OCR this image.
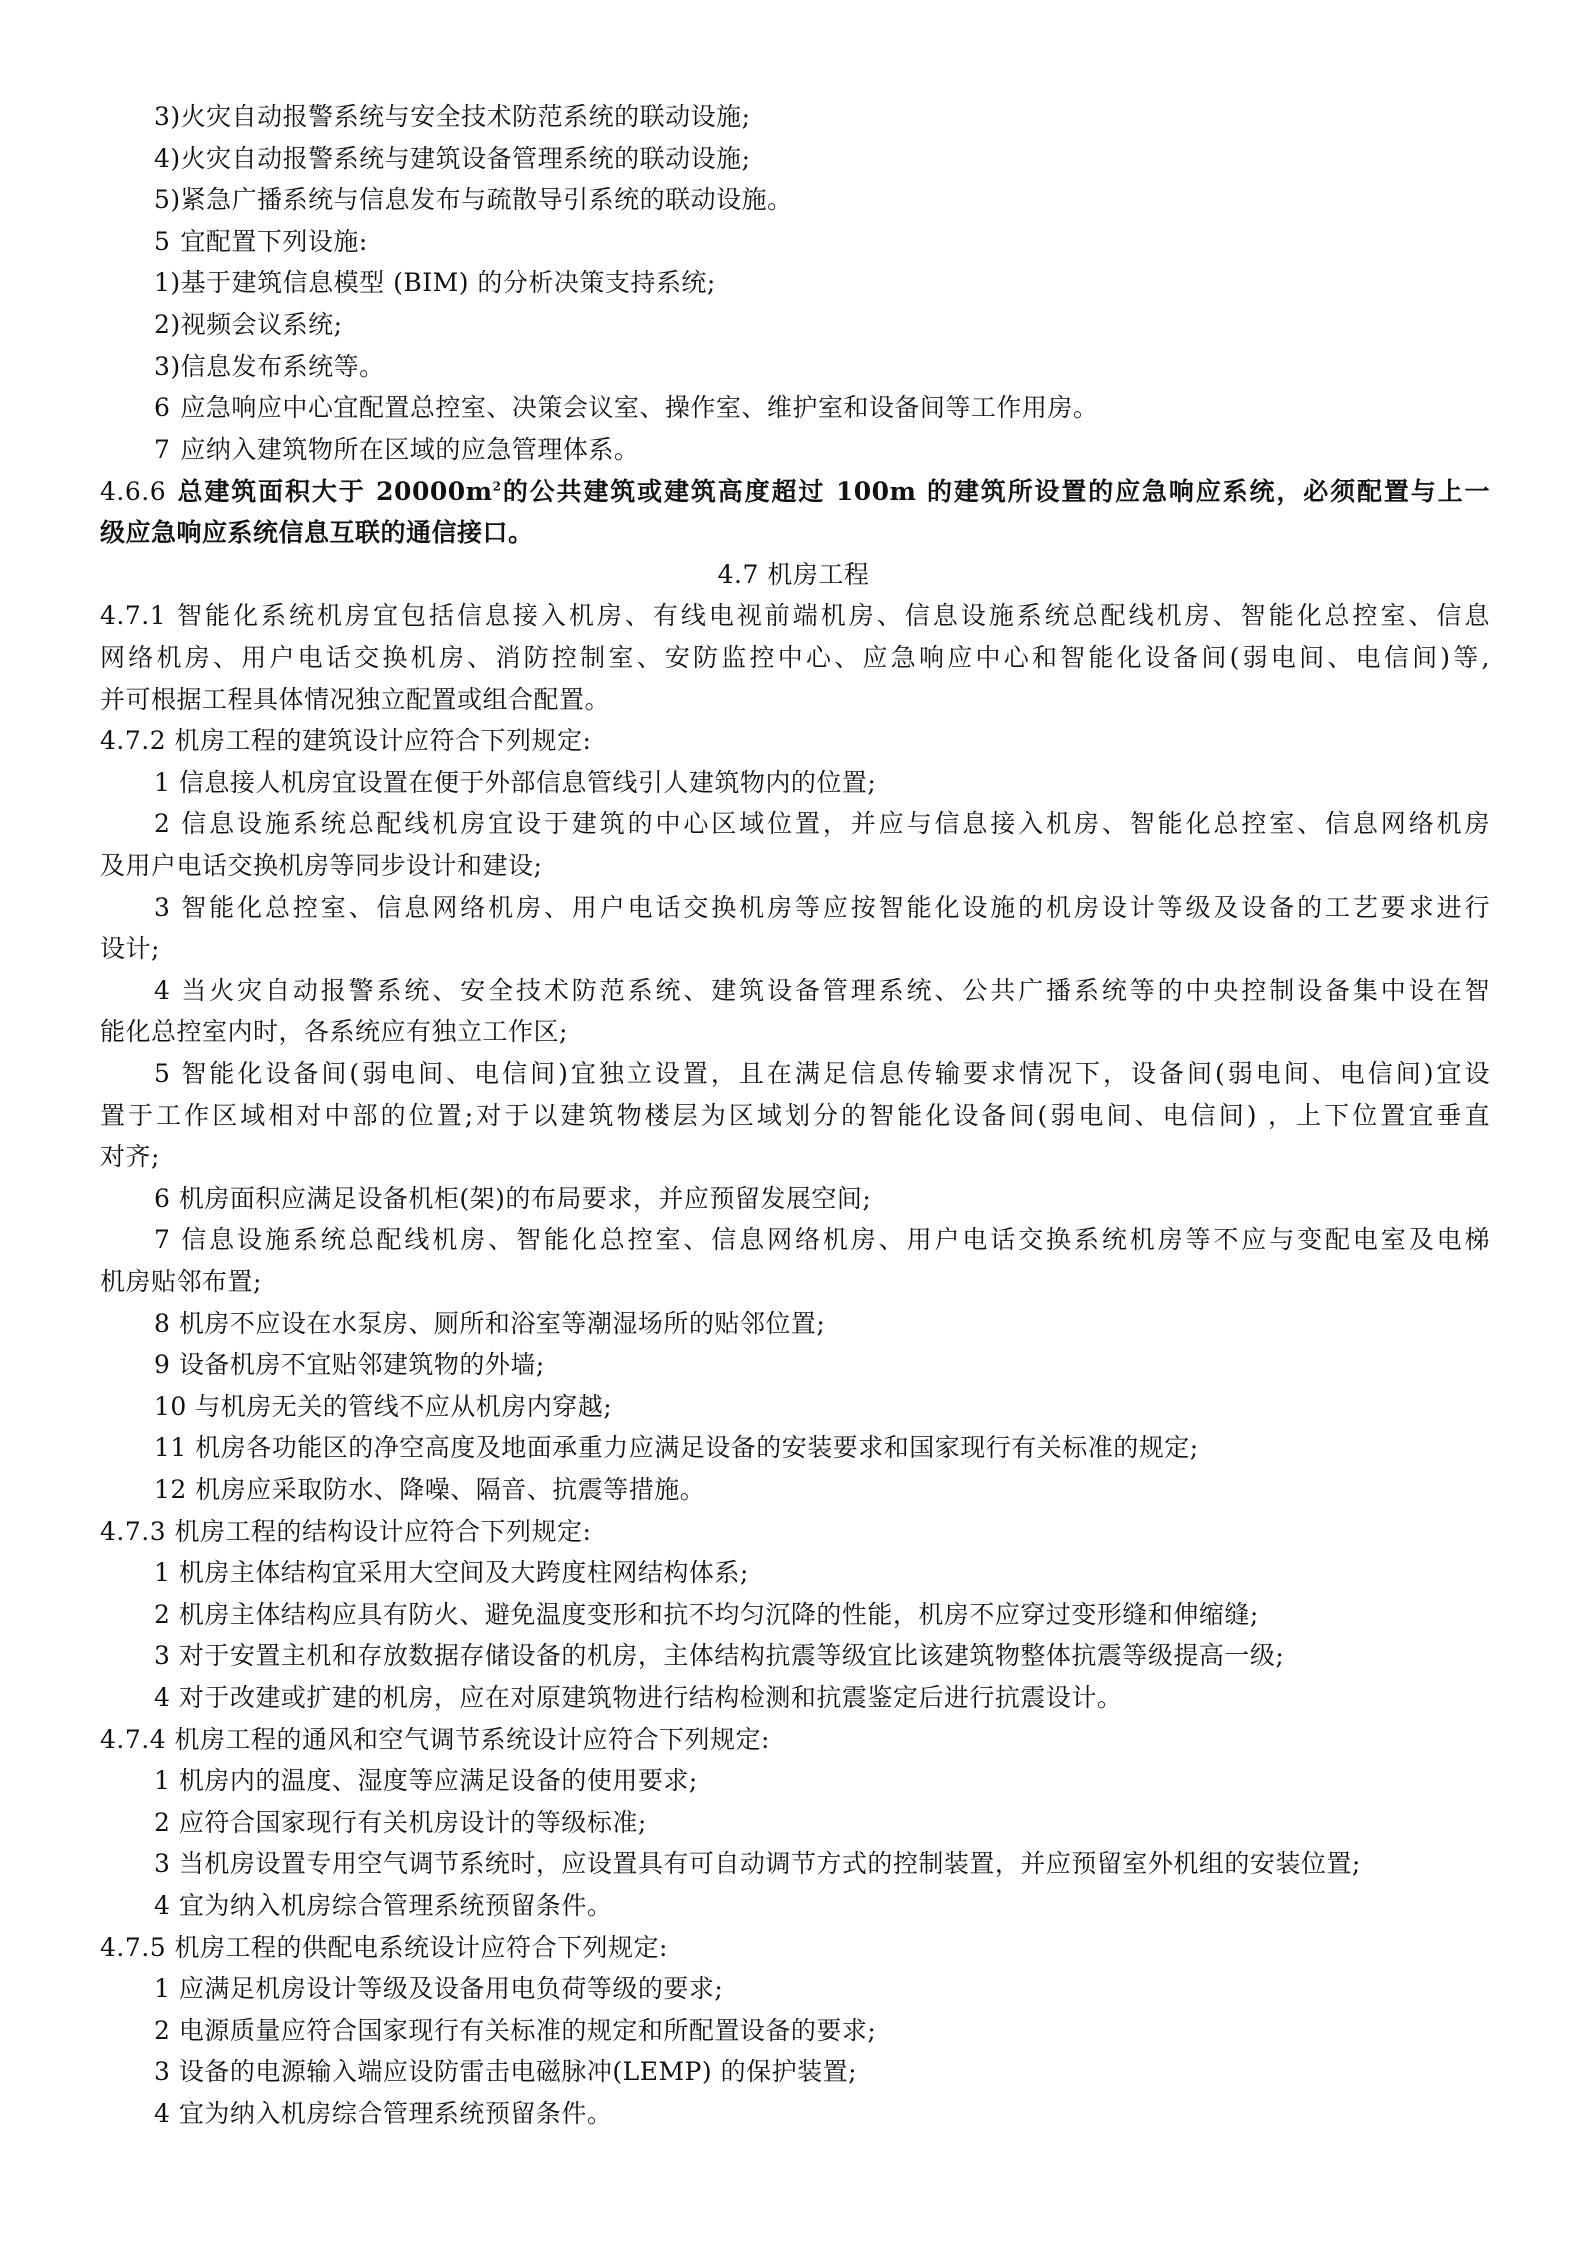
3)火灾自动报警系统与安全技术防范系统的联动设施;
4)火灾自动报警系统与建筑设备管理系统的联动设施;
5)紧急广播系统与信息发布与疏散导引系统的联动设施。
5 宜配置下列设施:
1)基于建筑信息模型 (BIM) 的分析决策支持系统;
2)视频会议系统;
3)信息发布系统等。
6 应急响应中心宜配置总控室、决策会议室、操作室、维护室和设备间等工作用房。
7 应纳入建筑物所在区域的应急管理体系。
4.6.6 总建筑面积大于 $20000m^2$的公共建筑或建筑高度超过 100m 的建筑所设置的应急响应系统，必须配置与上一
级应急响应系统信息互联的通信接口。
4.7 机房工程
4.7.1 智能化系统机房宜包括信息接入机房、有线电视前端机房、信息设施系统总配线机房、智能化总控室、信息
网络机房、用户电话交换机房、消防控制室、安防监控中心、应急响应中心和智能化设备间(弱电间、电信间)等,
并可根据工程具体情况独立配置或组合配置。
4.7.2 机房工程的建筑设计应符合下列规定:
1 信息接人机房宜设置在便于外部信息管线引人建筑物内的位置;
2 信息设施系统总配线机房宜设于建筑的中心区域位置，并应与信息接入机房、智能化总控室、信息网络机房
及用户电话交换机房等同步设计和建设;
3 智能化总控室、信息网络机房、用户电话交换机房等应按智能化设施的机房设计等级及设备的工艺要求进行
设计;
4 当火灾自动报警系统、安全技术防范系统、建筑设备管理系统、公共广播系统等的中央控制设备集中设在智
能化总控室内时，各系统应有独立工作区;
5 智能化设备间(弱电间、电信间)宜独立设置，且在满足信息传输要求情况下，设备间(弱电间、电信间)宜设
置于工作区域相对中部的位置;对于以建筑物楼层为区域划分的智能化设备间(弱电间、电信间) ，上下位置宜垂直
对齐;
6 机房面积应满足设备机柜(架)的布局要求，并应预留发展空间;
7 信息设施系统总配线机房、智能化总控室、信息网络机房、用户电话交换系统机房等不应与变配电室及电梯
机房贴邻布置;
8 机房不应设在水泵房、厕所和浴室等潮湿场所的贴邻位置;
9 设备机房不宜贴邻建筑物的外墙;
10 与机房无关的管线不应从机房内穿越;
11 机房各功能区的净空高度及地面承重力应满足设备的安装要求和国家现行有关标准的规定;
12 机房应采取防水、降噪、隔音、抗震等措施。
4.7.3 机房工程的结构设计应符合下列规定:
1 机房主体结构宜采用大空间及大跨度柱网结构体系;
2 机房主体结构应具有防火、避免温度变形和抗不均匀沉降的性能，机房不应穿过变形缝和伸缩缝;
3 对于安置主机和存放数据存储设备的机房，主体结构抗震等级宜比该建筑物整体抗震等级提高一级;
4 对于改建或扩建的机房，应在对原建筑物进行结构检测和抗震鉴定后进行抗震设计。
4.7.4 机房工程的通风和空气调节系统设计应符合下列规定:
1 机房内的温度、湿度等应满足设备的使用要求;
2 应符合国家现行有关机房设计的等级标准;
3 当机房设置专用空气调节系统时，应设置具有可自动调节方式的控制装置，并应预留室外机组的安装位置;
4 宜为纳入机房综合管理系统预留条件。
4.7.5 机房工程的供配电系统设计应符合下列规定:
1 应满足机房设计等级及设备用电负荷等级的要求;
2 电源质量应符合国家现行有关标准的规定和所配置设备的要求;
3 设备的电源输入端应设防雷击电磁脉冲(LEMP) 的保护装置;
4 宜为纳入机房综合管理系统预留条件。
